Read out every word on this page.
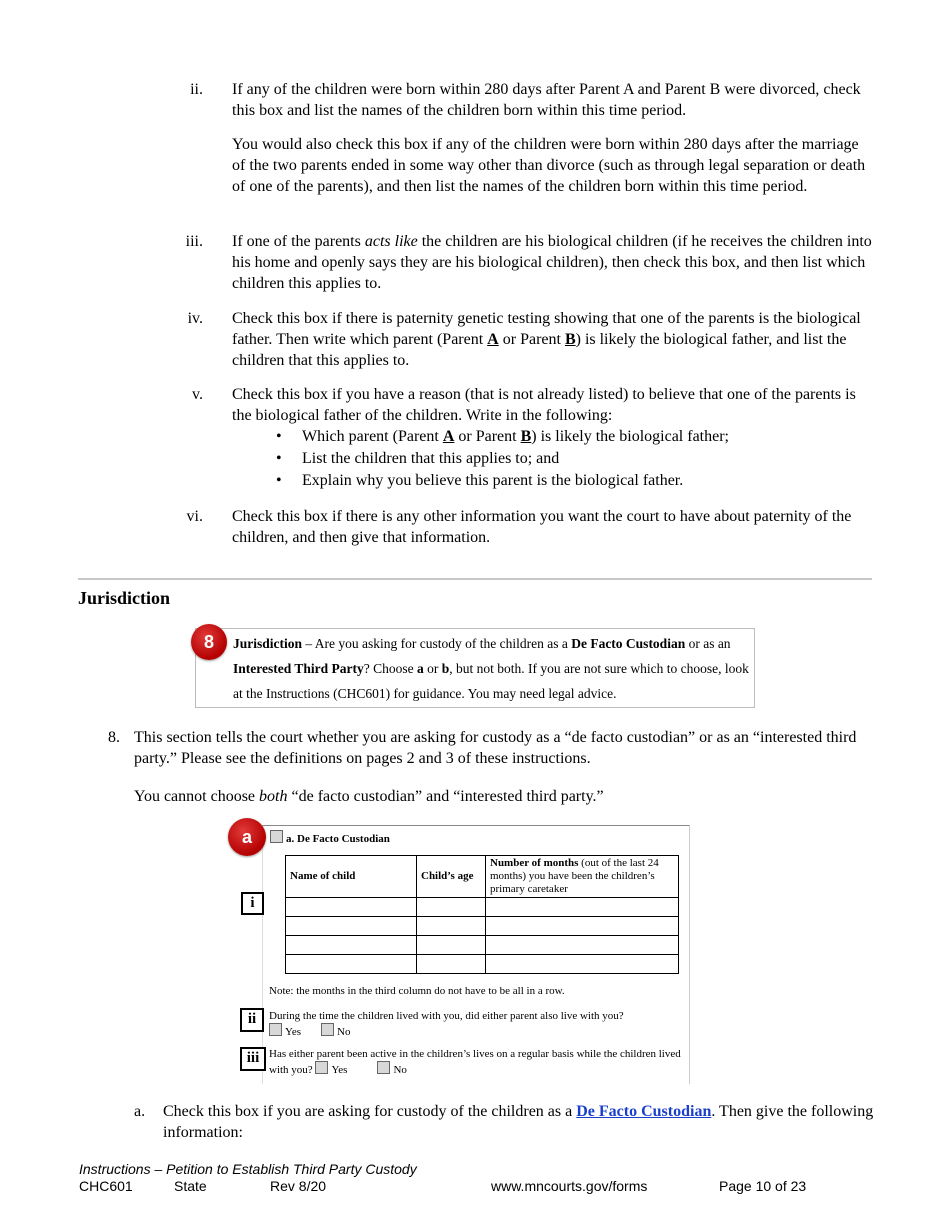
ii. If any of the children were born within 280 days after Parent A and Parent B were divorced, check this box and list the names of the children born within this time period.
You would also check this box if any of the children were born within 280 days after the marriage of the two parents ended in some way other than divorce (such as through legal separation or death of one of the parents), and then list the names of the children born within this time period.
iii. If one of the parents acts like the children are his biological children (if he receives the children into his home and openly says they are his biological children), then check this box, and then list which children this applies to.
iv. Check this box if there is paternity genetic testing showing that one of the parents is the biological father. Then write which parent (Parent A or Parent B) is likely the biological father, and list the children that this applies to.
v. Check this box if you have a reason (that is not already listed) to believe that one of the parents is the biological father of the children. Write in the following:
• Which parent (Parent A or Parent B) is likely the biological father;
• List the children that this applies to; and
• Explain why you believe this parent is the biological father.
vi. Check this box if there is any other information you want the court to have about paternity of the children, and then give that information.
Jurisdiction
8	Jurisdiction – Are you asking for custody of the children as a De Facto Custodian or as an Interested Third Party? Choose a or b, but not both. If you are not sure which to choose, look at the Instructions (CHC601) for guidance. You may need legal advice.
8. This section tells the court whether you are asking for custody as a “de facto custodian” or as an “interested third party.” Please see the definitions on pages 2 and 3 of these instructions.
You cannot choose both “de facto custodian” and “interested third party.”
a	a. De Facto Custodian
i
Name of child	Child’s age	Number of months (out of the last 24 months) you have been the children’s primary caretaker

Note: the months in the third column do not have to be all in a row.
ii	During the time the children lived with you, did either parent also live with you?
Yes	No
iii Has either parent been active in the children’s lives on a regular basis while the children lived
with you? Yes	No
a. Check this box if you are asking for custody of the children as a De Facto Custodian. Then give the following information:
Instructions – Petition to Establish Third Party Custody
CHC601	State	Rev 8/20	www.mncourts.gov/forms	Page 10 of 23
